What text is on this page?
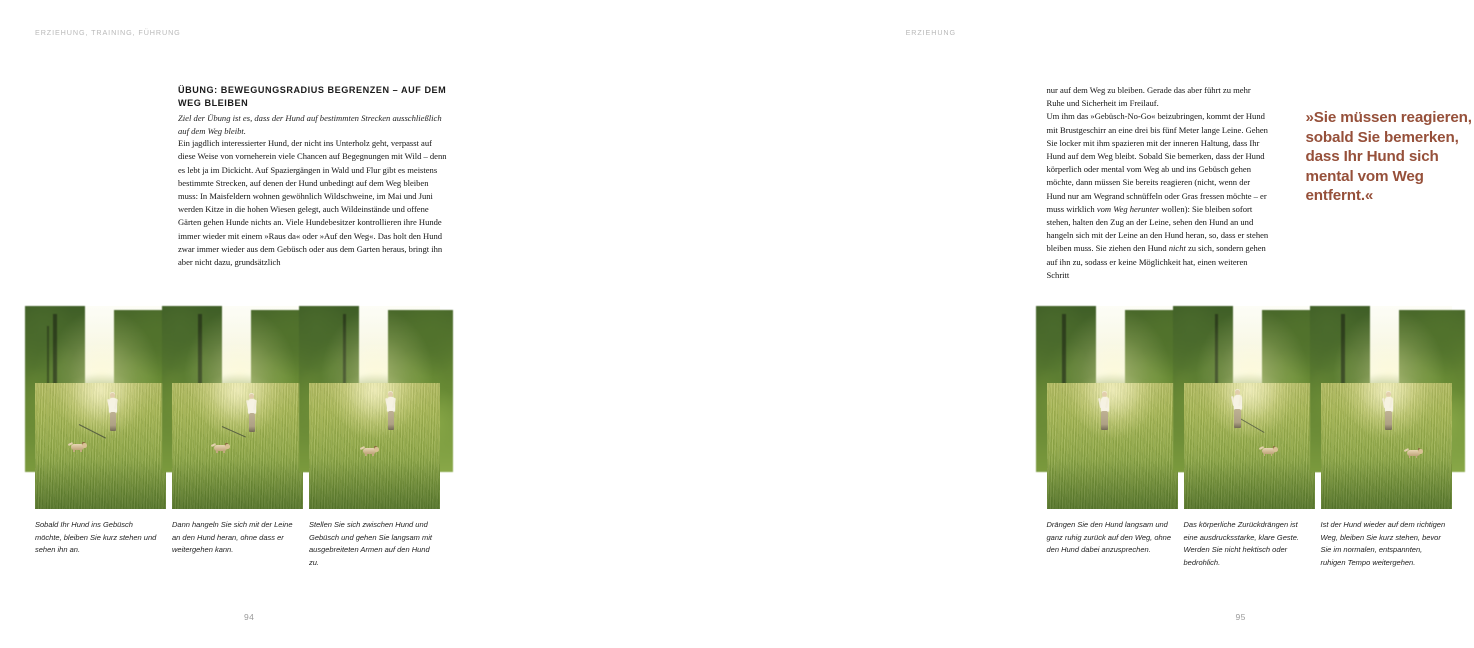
ERZIEHUNG, TRAINING, FÜHRUNG
ÜBUNG: BEWEGUNGSRADIUS BEGRENZEN – AUF DEM WEG BLEIBEN

Ziel der Übung ist es, dass der Hund auf bestimmten Strecken ausschließlich auf dem Weg bleibt.

Ein jagdlich interessierter Hund, der nicht ins Unterholz geht, verpasst auf diese Weise von vorneherein viele Chancen auf Begegnungen mit Wild – denn es lebt ja im Dickicht. Auf Spaziergängen in Wald und Flur gibt es meistens bestimmte Strecken, auf denen der Hund unbedingt auf dem Weg bleiben muss: In Maisfeldern wohnen gewöhnlich Wildschweine, im Mai und Juni werden Kitze in die hohen Wiesen gelegt, auch Wildeinstände und offene Gärten gehen Hunde nichts an. Viele Hundebesitzer kontrollieren ihre Hunde immer wieder mit einem »Raus da« oder »Auf den Weg«. Das holt den Hund zwar immer wieder aus dem Gebüsch oder aus dem Garten heraus, bringt ihn aber nicht dazu, grundsätzlich

Sobald Ihr Hund ins Gebüsch möchte, bleiben Sie kurz stehen und sehen ihn an.
Dann hangeln Sie sich mit der Leine an den Hund heran, ohne dass er weitergehen kann.
Stellen Sie sich zwischen Hund und Gebüsch und gehen Sie langsam mit ausgebreiteten Armen auf den Hund zu.
94
ERZIEHUNG

nur auf dem Weg zu bleiben. Gerade das aber führt zu mehr Ruhe und Sicherheit im Freilauf.

Um ihm das »Gebüsch-No-Go« beizubringen, kommt der Hund mit Brustgeschirr an eine drei bis fünf Meter lange Leine. Gehen Sie locker mit ihm spazieren mit der inneren Haltung, dass Ihr Hund auf dem Weg bleibt. Sobald Sie bemerken, dass der Hund körperlich oder mental vom Weg ab und ins Gebüsch gehen möchte, dann müssen Sie bereits reagieren (nicht, wenn der Hund nur am Wegrand schnüffeln oder Gras fressen möchte – er muss wirklich vom Weg herunter wollen): Sie bleiben sofort stehen, halten den Zug an der Leine, sehen den Hund an und hangeln sich mit der Leine an den Hund heran, so, dass er stehen bleiben muss. Sie ziehen den Hund nicht zu sich, sondern gehen auf ihn zu, sodass er keine Möglichkeit hat, einen weiteren Schritt

»Sie müssen reagieren, sobald Sie bemerken, dass Ihr Hund sich mental vom Weg entfernt.«
Drängen Sie den Hund langsam und ganz ruhig zurück auf den Weg, ohne den Hund dabei anzusprechen.
Das körperliche Zurückdrängen ist eine ausdrucksstarke, klare Geste. Werden Sie nicht hektisch oder bedrohlich.
Ist der Hund wieder auf dem richtigen Weg, bleiben Sie kurz stehen, bevor Sie im normalen, entspannten, ruhigen Tempo weitergehen.
95
